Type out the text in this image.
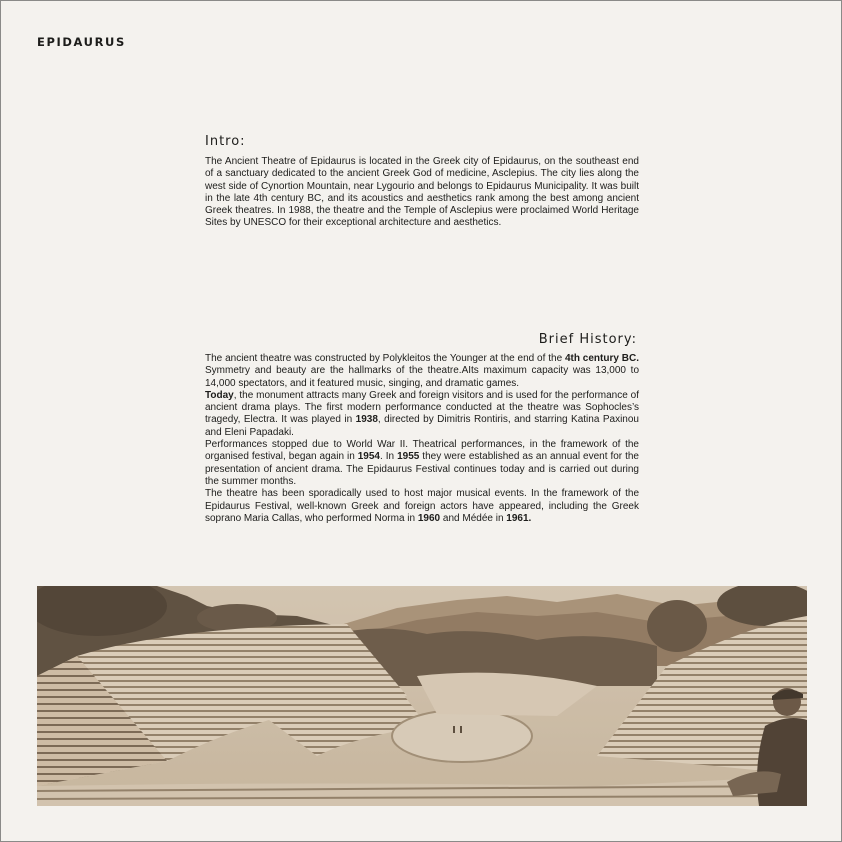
EPIDAURUS
Intro:

The Ancient Theatre of Epidaurus is located in the Greek city of Epidaurus, on the southeast end of a sanctuary dedicated to the ancient Greek God of medicine, Asclepius. The city lies along the west side of Cynortion Mountain, near Lygourio and belongs to Epidaurus Municipality. It was built in the late 4th century BC, and its acoustics and aesthetics rank among the best among ancient Greek theatres. In 1988, the theatre and the Temple of Asclepius were proclaimed World Heritage Sites by UNESCO for their exceptional architecture and aesthetics.

Brief History:

The ancient theatre was constructed by Polykleitos the Younger at the end of the 4th century BC. Symmetry and beauty are the hallmarks of the theatre.AIts maximum capacity was 13,000 to 14,000 spectators, and it featured music, singing, and dramatic games.

Today, the monument attracts many Greek and foreign visitors and is used for the performance of ancient drama plays. The first modern performance conducted at the theatre was Sophocles’s tragedy, Electra. It was played in 1938, directed by Dimitris Rontiris, and starring Katina Paxinou and Eleni Papadaki.

Performances stopped due to World War II. Theatrical performances, in the framework of the organised festival, began again in 1954. In 1955 they were established as an annual event for the presentation of ancient drama. The Epidaurus Festival continues today and is carried out during the summer months.

The theatre has been sporadically used to host major musical events. In the framework of the Epidaurus Festival, well-known Greek and foreign actors have appeared, including the Greek soprano Maria Callas, who performed Norma in 1960 and Médée in 1961.
